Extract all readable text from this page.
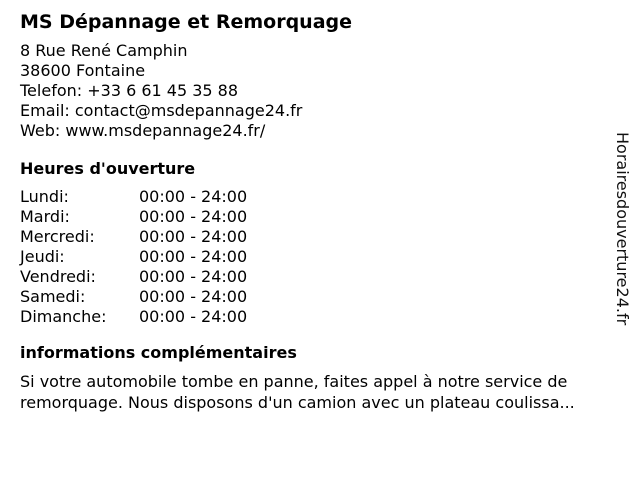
MS Dépannage et Remorquage
8 Rue René Camphin
38600 Fontaine
Telefon: +33 6 61 45 35 88
Email: contact@msdepannage24.fr
Web: www.msdepannage24.fr/
Heures d'ouverture
Lundi:	00:00 - 24:00
Mardi:	00:00 - 24:00
Mercredi:	00:00 - 24:00
Jeudi:	00:00 - 24:00
Vendredi:	00:00 - 24:00
Samedi:	00:00 - 24:00
Dimanche:	00:00 - 24:00
informations complémentaires
Si votre automobile tombe en panne, faites appel à notre service de remorquage. Nous disposons d'un camion avec un plateau coulissa...
Horairesdouverture24.fr
